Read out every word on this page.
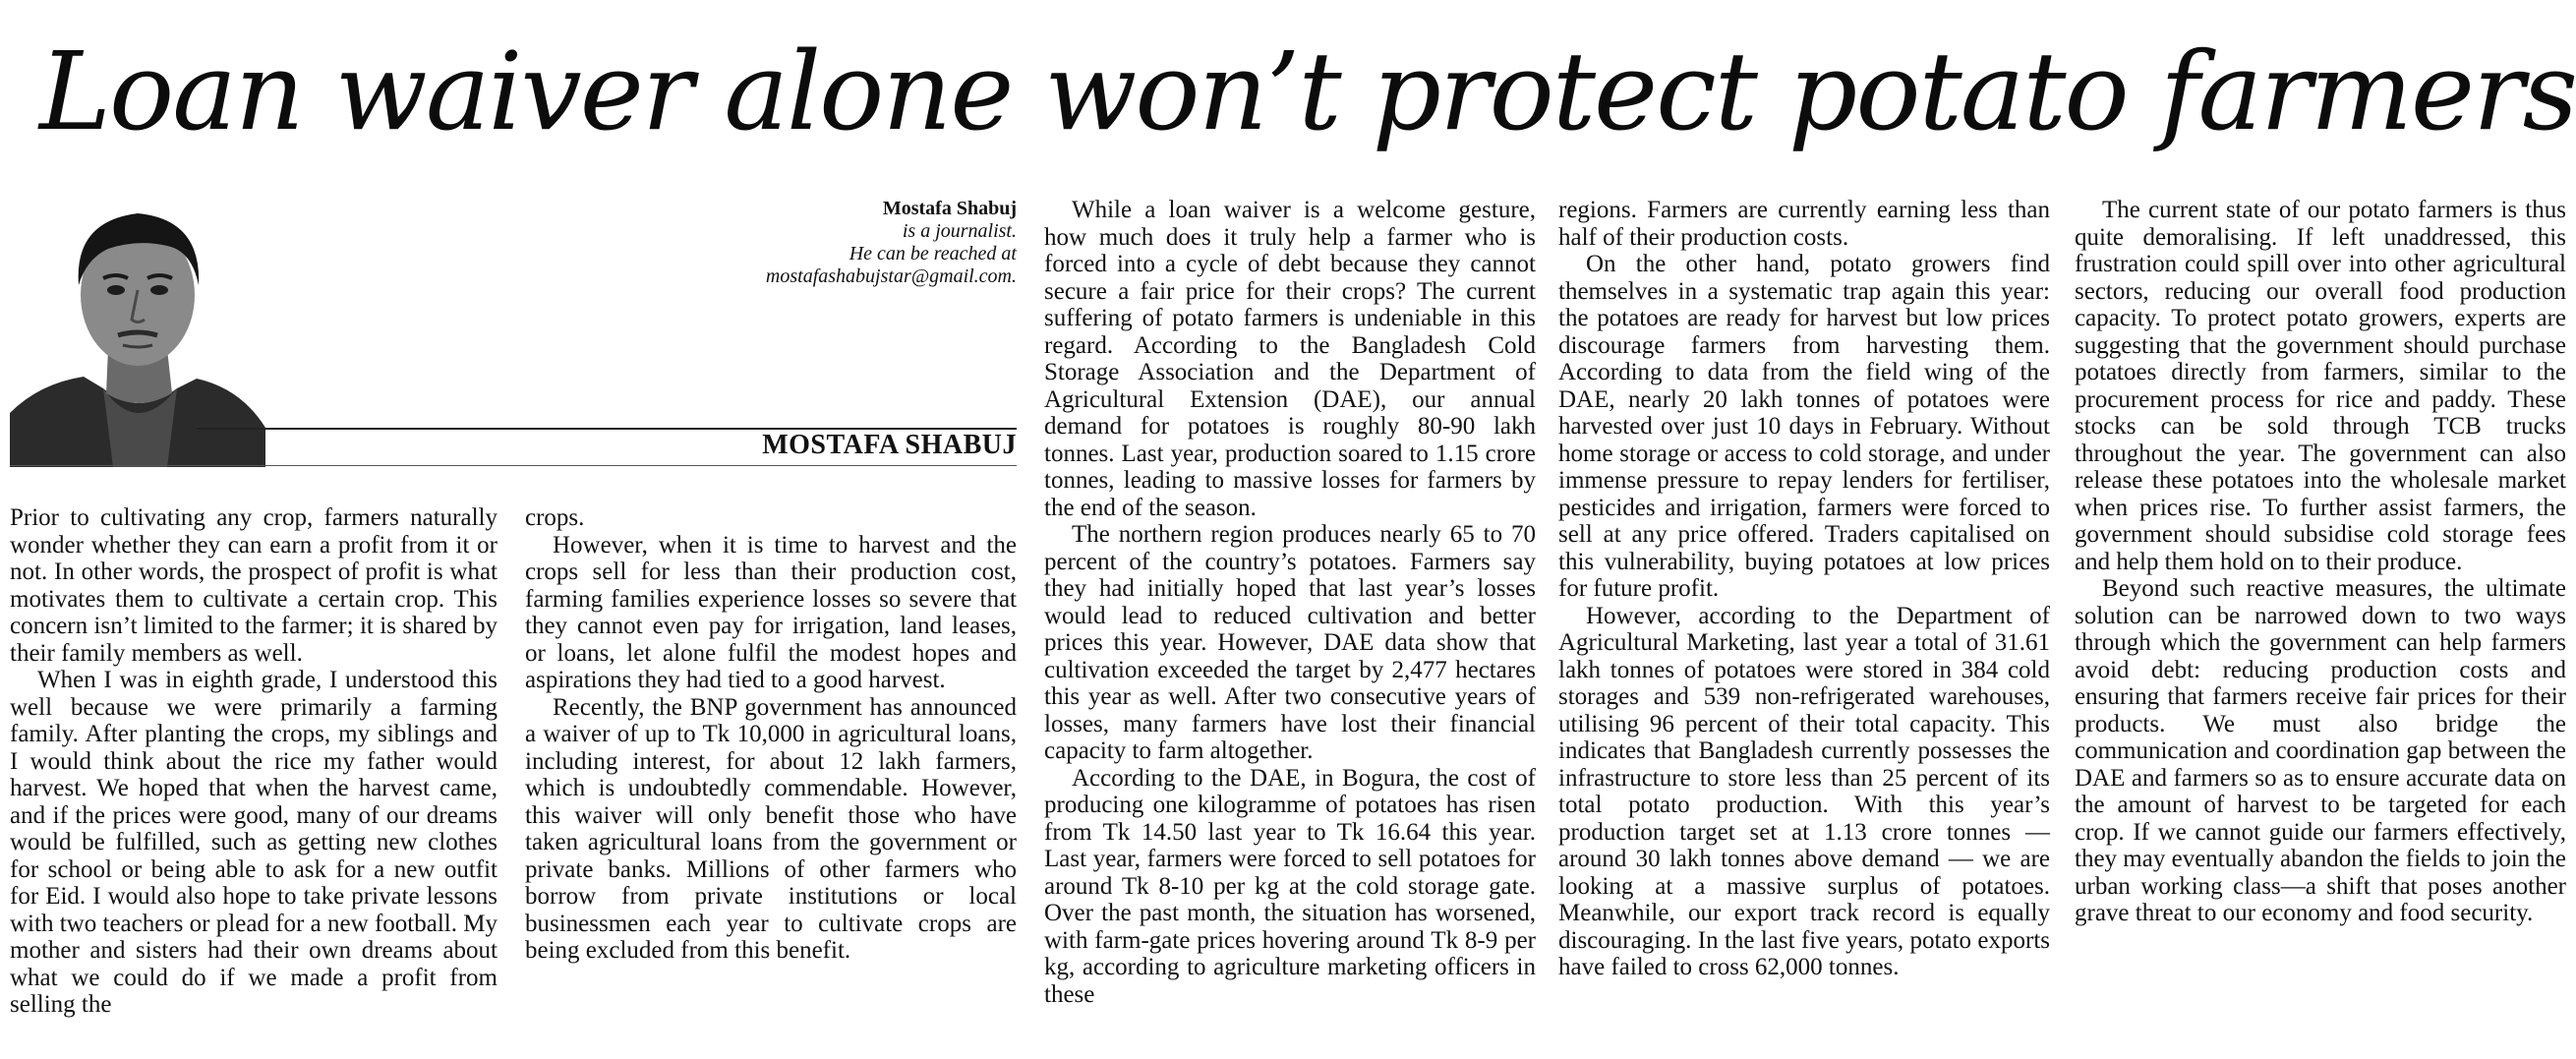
Loan waiver alone won’t protect potato farmers
Mostafa Shabuj
is a journalist.
He can be reached at
mostafashabujstar@gmail.com.
MOSTAFA SHABUJ

Prior to cultivating any crop, farmers naturally wonder whether they can earn a profit from it or not. In other words, the prospect of profit is what motivates them to cultivate a certain crop. This concern isn’t limited to the farmer; it is shared by their family members as well.

When I was in eighth grade, I understood this well because we were primarily a farming family. After planting the crops, my siblings and I would think about the rice my father would harvest. We hoped that when the harvest came, and if the prices were good, many of our dreams would be fulfilled, such as getting new clothes for school or being able to ask for a new outfit for Eid. I would also hope to take private lessons with two teachers or plead for a new football. My mother and sisters had their own dreams about what we could do if we made a profit from selling the

crops.

However, when it is time to harvest and the crops sell for less than their production cost, farming families experience losses so severe that they cannot even pay for irrigation, land leases, or loans, let alone fulfil the modest hopes and aspirations they had tied to a good harvest.

Recently, the BNP government has announced a waiver of up to Tk 10,000 in agricultural loans, including interest, for about 12 lakh farmers, which is undoubtedly commendable. However, this waiver will only benefit those who have taken agricultural loans from the government or private banks. Millions of other farmers who borrow from private institutions or local businessmen each year to cultivate crops are being excluded from this benefit.

While a loan waiver is a welcome gesture, how much does it truly help a farmer who is forced into a cycle of debt because they cannot secure a fair price for their crops? The current suffering of potato farmers is undeniable in this regard. According to the Bangladesh Cold Storage Association and the Department of Agricultural Extension (DAE), our annual demand for potatoes is roughly 80-90 lakh tonnes. Last year, production soared to 1.15 crore tonnes, leading to massive losses for farmers by the end of the season.

The northern region produces nearly 65 to 70 percent of the country’s potatoes. Farmers say they had initially hoped that last year’s losses would lead to reduced cultivation and better prices this year. However, DAE data show that cultivation exceeded the target by 2,477 hectares this year as well. After two consecutive years of losses, many farmers have lost their financial capacity to farm altogether.

According to the DAE, in Bogura, the cost of producing one kilogramme of potatoes has risen from Tk 14.50 last year to Tk 16.64 this year. Last year, farmers were forced to sell potatoes for around Tk 8-10 per kg at the cold storage gate. Over the past month, the situation has worsened, with farm-gate prices hovering around Tk 8-9 per kg, according to agriculture marketing officers in these

regions. Farmers are currently earning less than half of their production costs.

On the other hand, potato growers find themselves in a systematic trap again this year: the potatoes are ready for harvest but low prices discourage farmers from harvesting them. According to data from the field wing of the DAE, nearly 20 lakh tonnes of potatoes were harvested over just 10 days in February. Without home storage or access to cold storage, and under immense pressure to repay lenders for fertiliser, pesticides and irrigation, farmers were forced to sell at any price offered. Traders capitalised on this vulnerability, buying potatoes at low prices for future profit.

However, according to the Department of Agricultural Marketing, last year a total of 31.61 lakh tonnes of potatoes were stored in 384 cold storages and 539 non-refrigerated warehouses, utilising 96 percent of their total capacity. This indicates that Bangladesh currently possesses the infrastructure to store less than 25 percent of its total potato production. With this year’s production target set at 1.13 crore tonnes — around 30 lakh tonnes above demand — we are looking at a massive surplus of potatoes. Meanwhile, our export track record is equally discouraging. In the last five years, potato exports have failed to cross 62,000 tonnes.

The current state of our potato farmers is thus quite demoralising. If left unaddressed, this frustration could spill over into other agricultural sectors, reducing our overall food production capacity. To protect potato growers, experts are suggesting that the government should purchase potatoes directly from farmers, similar to the procurement process for rice and paddy. These stocks can be sold through TCB trucks throughout the year. The government can also release these potatoes into the wholesale market when prices rise. To further assist farmers, the government should subsidise cold storage fees and help them hold on to their produce.

Beyond such reactive measures, the ultimate solution can be narrowed down to two ways through which the government can help farmers avoid debt: reducing production costs and ensuring that farmers receive fair prices for their products. We must also bridge the communication and coordination gap between the DAE and farmers so as to ensure accurate data on the amount of harvest to be targeted for each crop. If we cannot guide our farmers effectively, they may eventually abandon the fields to join the urban working class—a shift that poses another grave threat to our economy and food security.
